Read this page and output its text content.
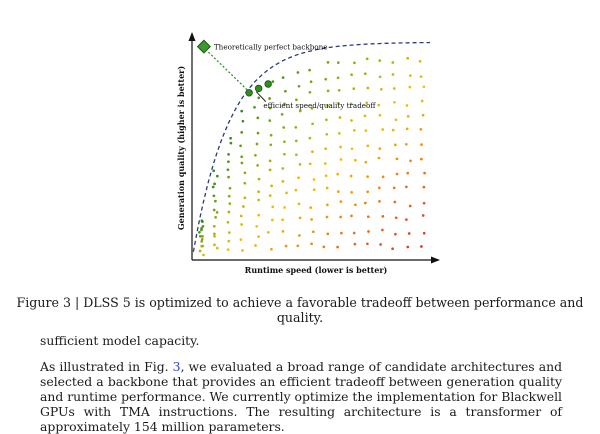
Theoretically perfect backbone
efficient speed/quality tradeoff
Runtime speed (lower is better)
Generation quality (higher is better)
Figure 3 | DLSS 5 is optimized to achieve a favorable tradeoff between performance and quality.
sufficient model capacity.
As illustrated in Fig. 3, we evaluated a broad range of candidate architectures and selected a backbone that provides an efficient tradeoff between generation quality and runtime performance. We currently optimize the implementation for Blackwell GPUs with TMA instructions. The resulting architecture is a transformer of approximately 154 million parameters.
